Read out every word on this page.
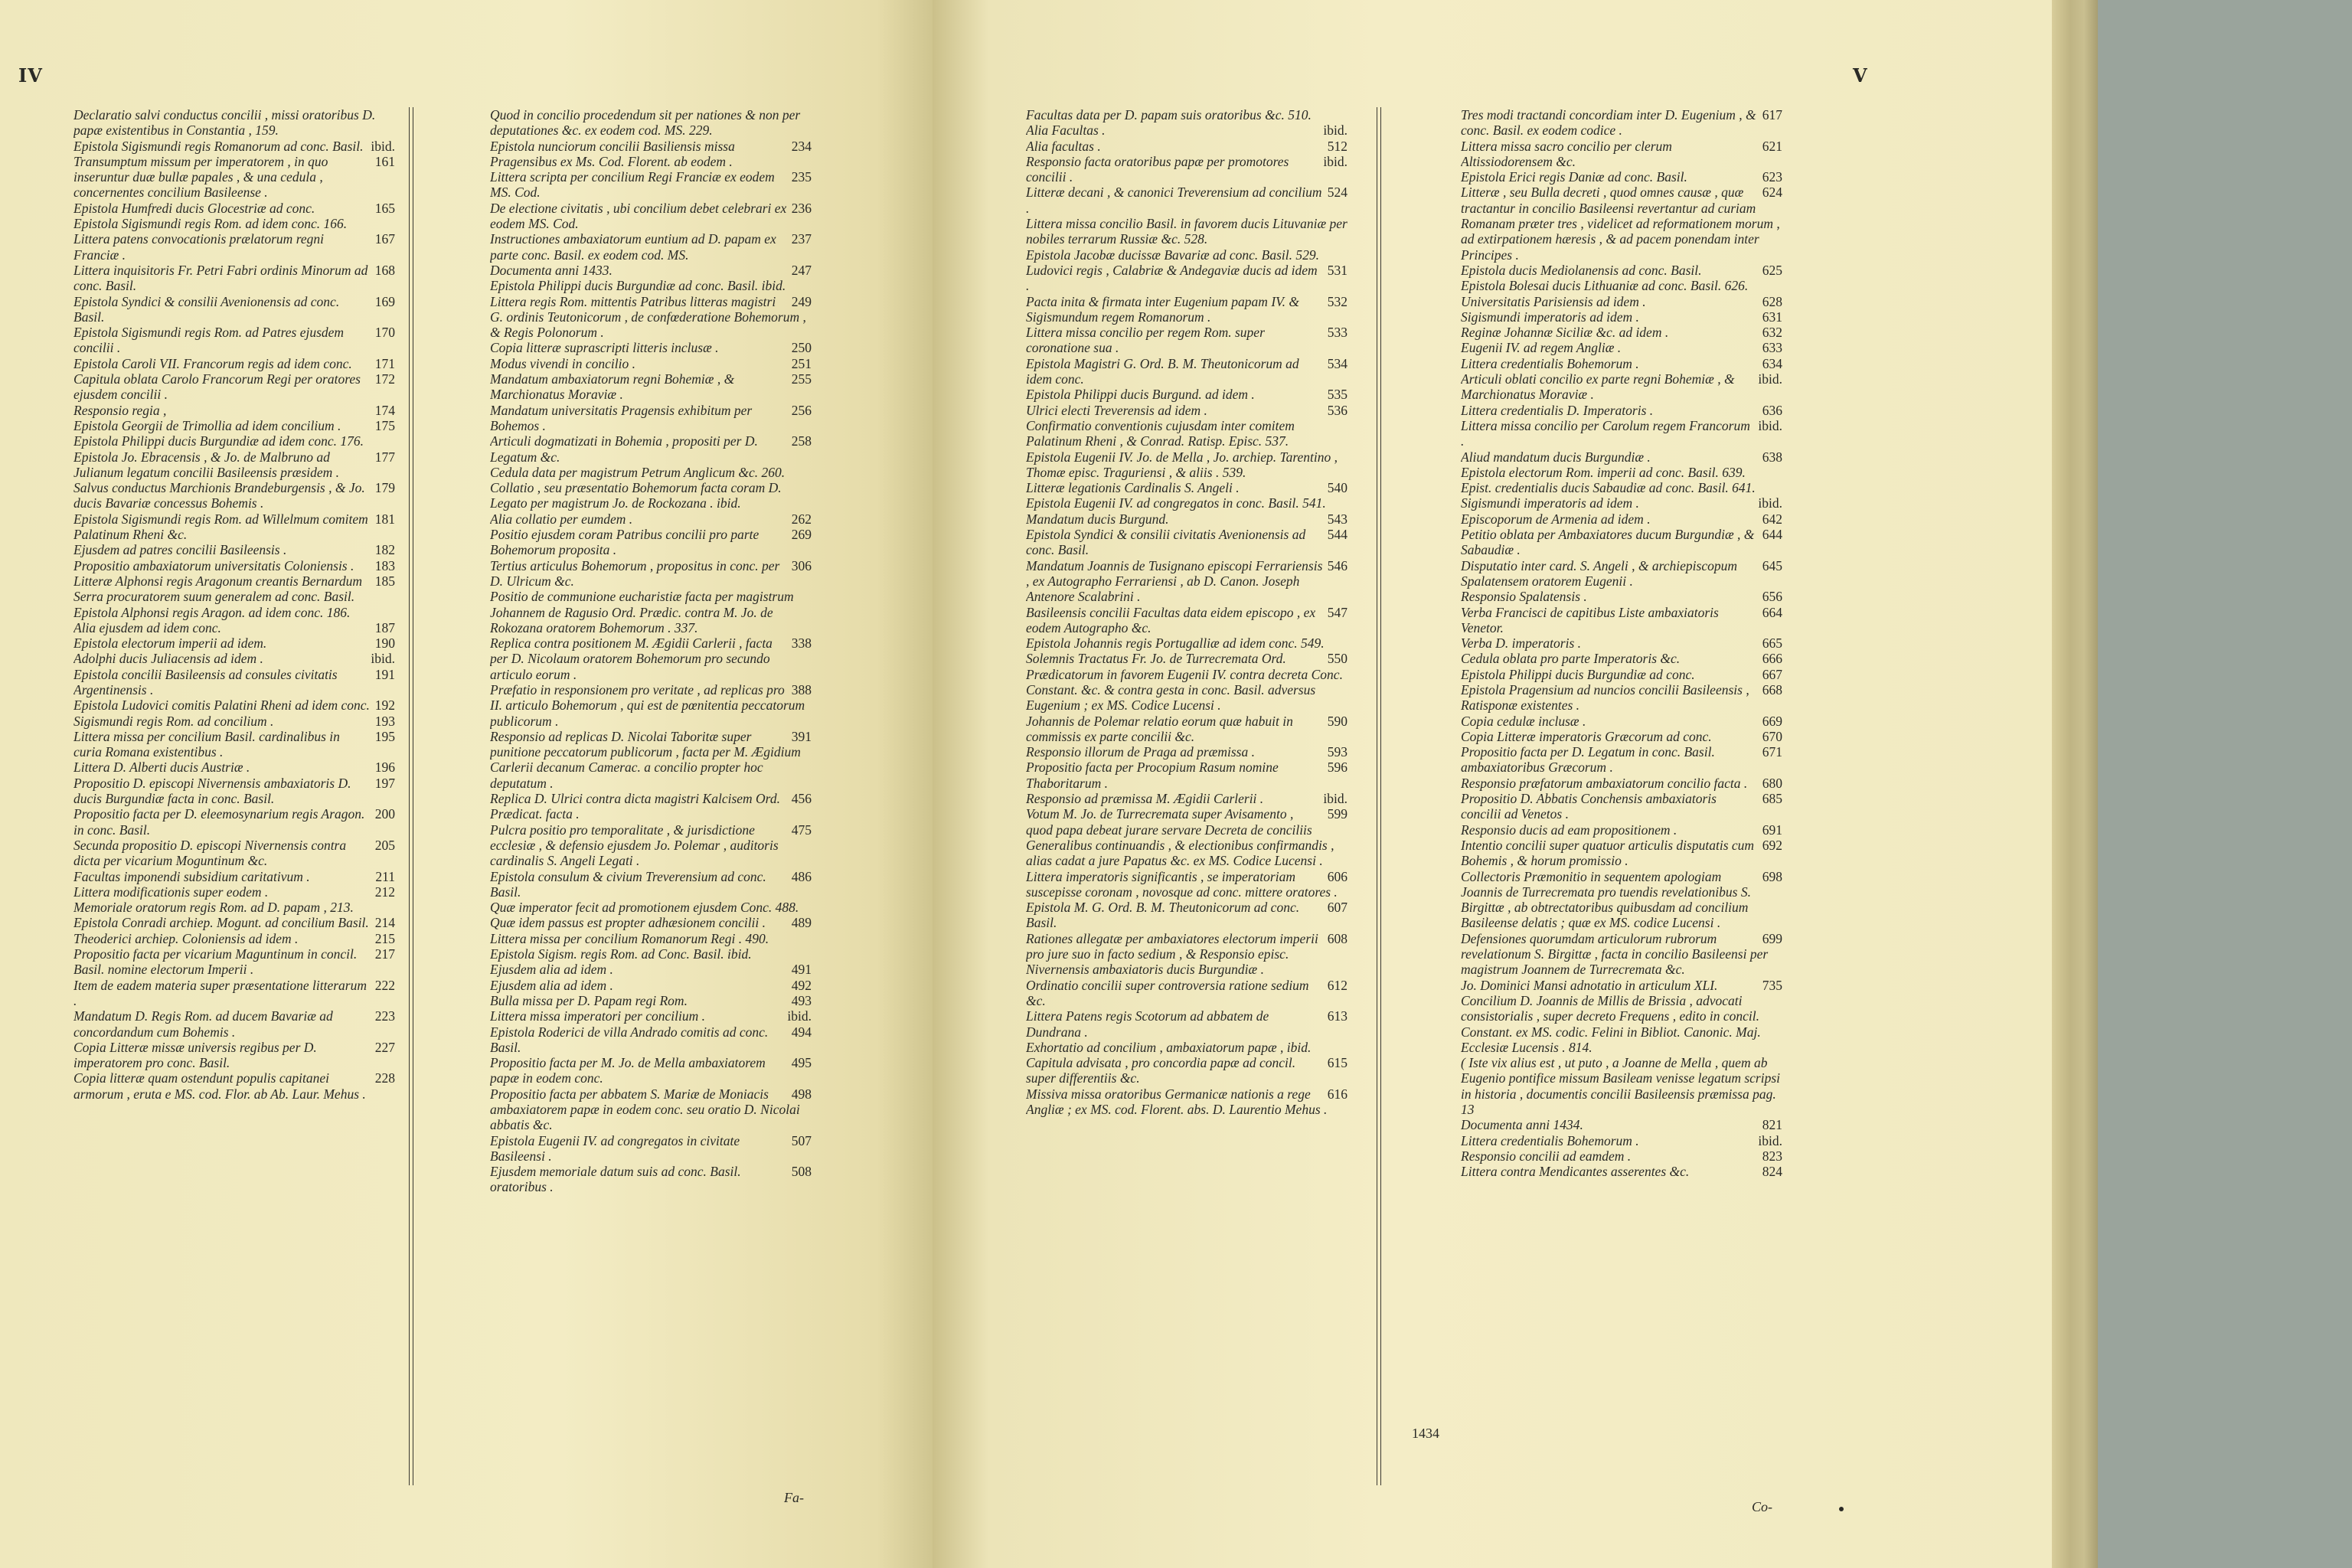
IV
Declaratio salvi conductus concilii , missi oratoribus D. papæ existentibus in Constantia , 159.
ibid.
Epistola Sigismundi regis Romanorum ad conc. Basil.
161
Transumptum missum per imperatorem , in quo inseruntur duæ bullæ papales , & una cedula , concernentes concilium Basileense .
165
Epistola Humfredi ducis Glocestriæ ad conc.
Epistola Sigismundi regis Rom. ad idem conc. 166.
167
Littera patens convocationis prælatorum regni Franciæ .
168
Littera inquisitoris Fr. Petri Fabri ordinis Minorum ad conc. Basil.
169
Epistola Syndici & consilii Avenionensis ad conc. Basil.
170
Epistola Sigismundi regis Rom. ad Patres ejusdem concilii .
171
Epistola Caroli VII. Francorum regis ad idem conc.
172
Capitula oblata Carolo Francorum Regi per oratores ejusdem concilii .
174
Responsio regia ,
175
Epistola Georgii de Trimollia ad idem concilium .
Epistola Philippi ducis Burgundiæ ad idem conc. 176.
177
Epistola Jo. Ebracensis , & Jo. de Malbruno ad Julianum legatum concilii Basileensis præsidem .
179
Salvus conductus Marchionis Brandeburgensis , & Jo. ducis Bavariæ concessus Bohemis .
181
Epistola Sigismundi regis Rom. ad Willelmum comitem Palatinum Rheni &c.
182
Ejusdem ad patres concilii Basileensis .
183
Propositio ambaxiatorum universitatis Coloniensis .
185
Litteræ Alphonsi regis Aragonum creantis Bernardum Serra procuratorem suum generalem ad conc. Basil.
Epistola Alphonsi regis Aragon. ad idem conc. 186.
187
Alia ejusdem ad idem conc.
190
Epistola electorum imperii ad idem.
ibid.
Adolphi ducis Juliacensis ad idem .
191
Epistola concilii Basileensis ad consules civitatis Argentinensis .
192
Epistola Ludovici comitis Palatini Rheni ad idem conc.
193
Sigismundi regis Rom. ad concilium .
195
Littera missa per concilium Basil. cardinalibus in curia Romana existentibus .
196
Littera D. Alberti ducis Austriæ .
197
Propositio D. episcopi Nivernensis ambaxiatoris D. ducis Burgundiæ facta in conc. Basil.
200
Propositio facta per D. eleemosynarium regis Aragon. in conc. Basil.
205
Secunda propositio D. episcopi Nivernensis contra dicta per vicarium Moguntinum &c.
211
Facultas imponendi subsidium caritativum .
212
Littera modificationis super eodem .
Memoriale oratorum regis Rom. ad D. papam , 213.
214
Epistola Conradi archiep. Mogunt. ad concilium Basil.
215
Theoderici archiep. Coloniensis ad idem .
217
Propositio facta per vicarium Maguntinum in concil. Basil. nomine electorum Imperii .
222
Item de eadem materia super præsentatione litterarum .
223
Mandatum D. Regis Rom. ad ducem Bavariæ ad concordandum cum Bohemis .
227
Copia Litteræ missæ universis regibus per D. imperatorem pro conc. Basil.
228
Copia litteræ quam ostendunt populis capitanei armorum , eruta e MS. cod. Flor. ab Ab. Laur. Mehus .
Quod in concilio procedendum sit per nationes & non per deputationes &c. ex eodem cod. MS. 229.
234
Epistola nunciorum concilii Basiliensis missa Pragensibus ex Ms. Cod. Florent. ab eodem .
235
Littera scripta per concilium Regi Franciæ ex eodem MS. Cod.
236
De electione civitatis , ubi concilium debet celebrari ex eodem MS. Cod.
237
Instructiones ambaxiatorum euntium ad D. papam ex parte conc. Basil. ex eodem cod. MS.
247
Documenta anni 1433.
Epistola Philippi ducis Burgundiæ ad conc. Basil. ibid.
249
Littera regis Rom. mittentis Patribus litteras magistri G. ordinis Teutonicorum , de confœderatione Bohemorum , & Regis Polonorum .
250
Copia litteræ suprascripti litteris inclusæ .
251
Modus vivendi in concilio .
255
Mandatum ambaxiatorum regni Bohemiæ , & Marchionatus Moraviæ .
256
Mandatum universitatis Pragensis exhibitum per Bohemos .
258
Articuli dogmatizati in Bohemia , propositi per D. Legatum &c.
Cedula data per magistrum Petrum Anglicum &c. 260.
Collatio , seu præsentatio Bohemorum facta coram D. Legato per magistrum Jo. de Rockozana . ibid.
262
Alia collatio per eumdem .
269
Positio ejusdem coram Patribus concilii pro parte Bohemorum proposita .
306
Tertius articulus Bohemorum , propositus in conc. per D. Ulricum &c.
Positio de communione eucharistiæ facta per magistrum Johannem de Ragusio Ord. Prædic. contra M. Jo. de Rokozana oratorem Bohemorum . 337.
338
Replica contra positionem M. Ægidii Carlerii , facta per D. Nicolaum oratorem Bohemorum pro secundo articulo eorum .
388
Præfatio in responsionem pro veritate , ad replicas pro II. articulo Bohemorum , qui est de pœnitentia peccatorum publicorum .
391
Responsio ad replicas D. Nicolai Taboritæ super punitione peccatorum publicorum , facta per M. Ægidium Carlerii decanum Camerac. a concilio propter hoc deputatum .
456
Replica D. Ulrici contra dicta magistri Kalcisem Ord. Prædicat. facta .
475
Pulcra positio pro temporalitate , & jurisdictione ecclesiæ , & defensio ejusdem Jo. Polemar , auditoris cardinalis S. Angeli Legati .
486
Epistola consulum & civium Treverensium ad conc. Basil.
Quæ imperator fecit ad promotionem ejusdem Conc. 488.
489
Quæ idem passus est propter adhæsionem concilii .
Littera missa per concilium Romanorum Regi . 490.
Epistola Sigism. regis Rom. ad Conc. Basil. ibid.
491
Ejusdem alia ad idem .
492
Ejusdem alia ad idem .
493
Bulla missa per D. Papam regi Rom.
ibid.
Littera missa imperatori per concilium .
494
Epistola Roderici de villa Andrado comitis ad conc. Basil.
495
Propositio facta per M. Jo. de Mella ambaxiatorem papæ in eodem conc.
498
Propositio facta per abbatem S. Mariæ de Moniacis ambaxiatorem papæ in eodem conc. seu oratio D. Nicolai abbatis &c.
507
Epistola Eugenii IV. ad congregatos in civitate Basileensi .
508
Ejusdem memoriale datum suis ad conc. Basil. oratoribus .
Fa-
V
Facultas data per D. papam suis oratoribus &c. 510.
ibid.
Alia Facultas .
512
Alia facultas .
ibid.
Responsio facta oratoribus papæ per promotores concilii .
524
Litteræ decani , & canonici Treverensium ad concilium .
Littera missa concilio Basil. in favorem ducis Lituvaniæ per nobiles terrarum Russiæ &c. 528.
Epistola Jacobæ ducissæ Bavariæ ad conc. Basil. 529.
531
Ludovici regis , Calabriæ & Andegaviæ ducis ad idem .
532
Pacta inita & firmata inter Eugenium papam IV. & Sigismundum regem Romanorum .
533
Littera missa concilio per regem Rom. super coronatione sua .
534
Epistola Magistri G. Ord. B. M. Theutonicorum ad idem conc.
535
Epistola Philippi ducis Burgund. ad idem .
536
Ulrici electi Treverensis ad idem .
Confirmatio conventionis cujusdam inter comitem Palatinum Rheni , & Conrad. Ratisp. Episc. 537.
Epistola Eugenii IV. Jo. de Mella , Jo. archiep. Tarentino , Thomæ episc. Traguriensi , & aliis . 539.
540
Litteræ legationis Cardinalis S. Angeli .
Epistola Eugenii IV. ad congregatos in conc. Basil. 541.
543
Mandatum ducis Burgund.
544
Epistola Syndici & consilii civitatis Avenionensis ad conc. Basil.
546
Mandatum Joannis de Tusignano episcopi Ferrariensis , ex Autographo Ferrariensi , ab D. Canon. Joseph Antenore Scalabrini .
547
Basileensis concilii Facultas data eidem episcopo , ex eodem Autographo &c.
Epistola Johannis regis Portugalliæ ad idem conc. 549.
550
Solemnis Tractatus Fr. Jo. de Turrecremata Ord. Prædicatorum in favorem Eugenii IV. contra decreta Conc. Constant. &c. & contra gesta in conc. Basil. adversus Eugenium ; ex MS. Codice Lucensi .
590
Johannis de Polemar relatio eorum quæ habuit in commissis ex parte concilii &c.
593
Responsio illorum de Praga ad præmissa .
596
Propositio facta per Procopium Rasum nomine Thaboritarum .
ibid.
Responsio ad præmissa M. Ægidii Carlerii .
599
Votum M. Jo. de Turrecremata super Avisamento , quod papa debeat jurare servare Decreta de conciliis Generalibus continuandis , & electionibus confirmandis , alias cadat a jure Papatus &c. ex MS. Codice Lucensi .
606
Littera imperatoris significantis , se imperatoriam suscepisse coronam , novosque ad conc. mittere oratores .
607
Epistola M. G. Ord. B. M. Theutonicorum ad conc. Basil.
608
Rationes allegatæ per ambaxiatores electorum imperii pro jure suo in facto sedium , & Responsio episc. Nivernensis ambaxiatoris ducis Burgundiæ .
612
Ordinatio concilii super controversia ratione sedium &c.
613
Littera Patens regis Scotorum ad abbatem de Dundrana .
Exhortatio ad concilium , ambaxiatorum papæ , ibid.
615
Capitula advisata , pro concordia papæ ad concil. super differentiis &c.
616
Missiva missa oratoribus Germanicæ nationis a rege Angliæ ; ex MS. cod. Florent. abs. D. Laurentio Mehus .
617
Tres modi tractandi concordiam inter D. Eugenium , & conc. Basil. ex eodem codice .
621
Littera missa sacro concilio per clerum Altissiodorensem &c.
623
Epistola Erici regis Daniæ ad conc. Basil.
624
Litteræ , seu Bulla decreti , quod omnes causæ , quæ tractantur in concilio Basileensi revertantur ad curiam Romanam præter tres , videlicet ad reformationem morum , ad extirpationem hæresis , & ad pacem ponendam inter Principes .
625
Epistola ducis Mediolanensis ad conc. Basil.
Epistola Bolesai ducis Lithuaniæ ad conc. Basil. 626.
628
Universitatis Parisiensis ad idem .
631
Sigismundi imperatoris ad idem .
632
Reginæ Johannæ Siciliæ &c. ad idem .
633
Eugenii IV. ad regem Angliæ .
634
Littera credentialis Bohemorum .
ibid.
Articuli oblati concilio ex parte regni Bohemiæ , & Marchionatus Moraviæ .
636
Littera credentialis D. Imperatoris .
ibid.
Littera missa concilio per Carolum regem Francorum .
638
Aliud mandatum ducis Burgundiæ .
Epistola electorum Rom. imperii ad conc. Basil. 639.
Epist. credentialis ducis Sabaudiæ ad conc. Basil. 641.
ibid.
Sigismundi imperatoris ad idem .
642
Episcoporum de Armenia ad idem .
644
Petitio oblata per Ambaxiatores ducum Burgundiæ , & Sabaudiæ .
645
Disputatio inter card. S. Angeli , & archiepiscopum Spalatensem oratorem Eugenii .
656
Responsio Spalatensis .
664
Verba Francisci de capitibus Liste ambaxiatoris Venetor.
665
Verba D. imperatoris .
666
Cedula oblata pro parte Imperatoris &c.
667
Epistola Philippi ducis Burgundiæ ad conc.
668
Epistola Pragensium ad nuncios concilii Basileensis , Ratisponæ existentes .
669
Copia cedulæ inclusæ .
670
Copia Litteræ imperatoris Græcorum ad conc.
671
Propositio facta per D. Legatum in conc. Basil. ambaxiatoribus Græcorum .
680
Responsio præfatorum ambaxiatorum concilio facta .
685
Propositio D. Abbatis Conchensis ambaxiatoris concilii ad Venetos .
691
Responsio ducis ad eam propositionem .
692
Intentio concilii super quatuor articulis disputatis cum Bohemis , & horum promissio .
698
Collectoris Præmonitio in sequentem apologiam Joannis de Turrecremata pro tuendis revelationibus S. Birgittæ , ab obtrectatoribus quibusdam ad concilium Basileense delatis ; quæ ex MS. codice Lucensi .
699
Defensiones quorumdam articulorum rubrorum revelationum S. Birgittæ , facta in concilio Basileensi per magistrum Joannem de Turrecremata &c.
735
Jo. Dominici Mansi adnotatio in articulum XLI.
Concilium D. Joannis de Millis de Brissia , advocati consistorialis , super decreto Frequens , edito in concil. Constant. ex MS. codic. Felini in Bibliot. Canonic. Maj. Ecclesiæ Lucensis . 814.
( Iste vix alius est , ut puto , a Joanne de Mella , quem ab Eugenio pontifice missum Basileam venisse legatum scripsi in historia , documentis concilii Basileensis præmissa pag. 13
821
Documenta anni 1434.
ibid.
Littera credentialis Bohemorum .
823
Responsio concilii ad eamdem .
824
Littera contra Mendicantes asserentes &c.
1434
Co-
